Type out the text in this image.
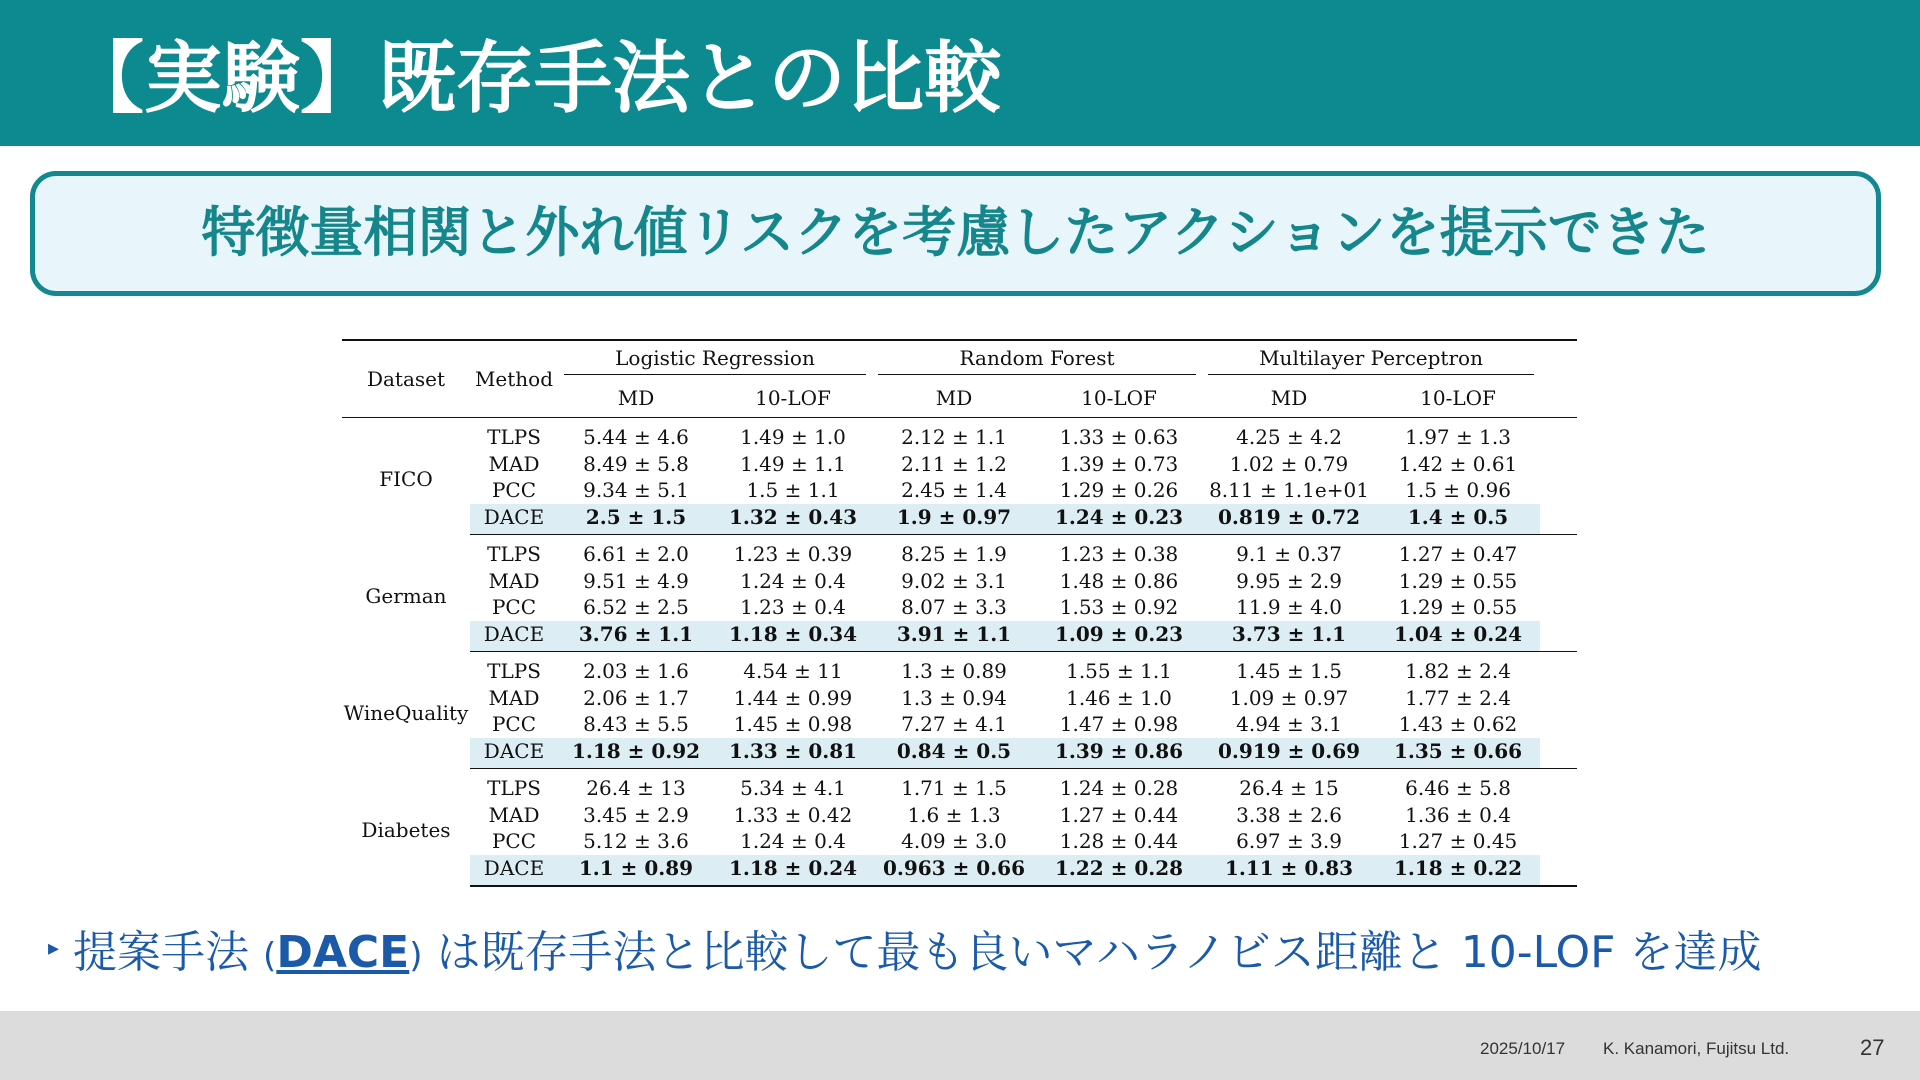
【実験】既存手法との比較
特徴量相関と外れ値リスクを考慮したアクションを提示できた
Dataset	Method	Logistic Regression		Random Forest		Multilayer Perceptron		

		MD	10-LOF	MD	10-LOF	MD	10-LOF	
FICO	TLPS	5.44 ± 4.6	1.49 ± 1.0	2.12 ± 1.1	1.33 ± 0.63	4.25 ± 4.2	1.97 ± 1.3	
	MAD	8.49 ± 5.8	1.49 ± 1.1	2.11 ± 1.2	1.39 ± 0.73	1.02 ± 0.79	1.42 ± 0.61	
	PCC	9.34 ± 5.1	1.5 ± 1.1	2.45 ± 1.4	1.29 ± 0.26	8.11 ± 1.1e+01	1.5 ± 0.96	
	DACE	2.5 ± 1.5	1.32 ± 0.43	1.9 ± 0.97	1.24 ± 0.23	0.819 ± 0.72	1.4 ± 0.5	
German	TLPS	6.61 ± 2.0	1.23 ± 0.39	8.25 ± 1.9	1.23 ± 0.38	9.1 ± 0.37	1.27 ± 0.47	
	MAD	9.51 ± 4.9	1.24 ± 0.4	9.02 ± 3.1	1.48 ± 0.86	9.95 ± 2.9	1.29 ± 0.55	
	PCC	6.52 ± 2.5	1.23 ± 0.4	8.07 ± 3.3	1.53 ± 0.92	11.9 ± 4.0	1.29 ± 0.55	
	DACE	3.76 ± 1.1	1.18 ± 0.34	3.91 ± 1.1	1.09 ± 0.23	3.73 ± 1.1	1.04 ± 0.24	
WineQuality	TLPS	2.03 ± 1.6	4.54 ± 11	1.3 ± 0.89	1.55 ± 1.1	1.45 ± 1.5	1.82 ± 2.4	
	MAD	2.06 ± 1.7	1.44 ± 0.99	1.3 ± 0.94	1.46 ± 1.0	1.09 ± 0.97	1.77 ± 2.4	
	PCC	8.43 ± 5.5	1.45 ± 0.98	7.27 ± 4.1	1.47 ± 0.98	4.94 ± 3.1	1.43 ± 0.62	
	DACE	1.18 ± 0.92	1.33 ± 0.81	0.84 ± 0.5	1.39 ± 0.86	0.919 ± 0.69	1.35 ± 0.66	
Diabetes	TLPS	26.4 ± 13	5.34 ± 4.1	1.71 ± 1.5	1.24 ± 0.28	26.4 ± 15	6.46 ± 5.8	
	MAD	3.45 ± 2.9	1.33 ± 0.42	1.6 ± 1.3	1.27 ± 0.44	3.38 ± 2.6	1.36 ± 0.4	
	PCC	5.12 ± 3.6	1.24 ± 0.4	4.09 ± 3.0	1.28 ± 0.44	6.97 ± 3.9	1.27 ± 0.45	
	DACE	1.1 ± 0.89	1.18 ± 0.24	0.963 ± 0.66	1.22 ± 0.28	1.11 ± 0.83	1.18 ± 0.22	
▸ 提案手法 (DACE) は既存手法と比較して最も良いマハラノビス距離と 10-LOF を達成
2025/10/17 K. Kanamori, Fujitsu Ltd.	27
